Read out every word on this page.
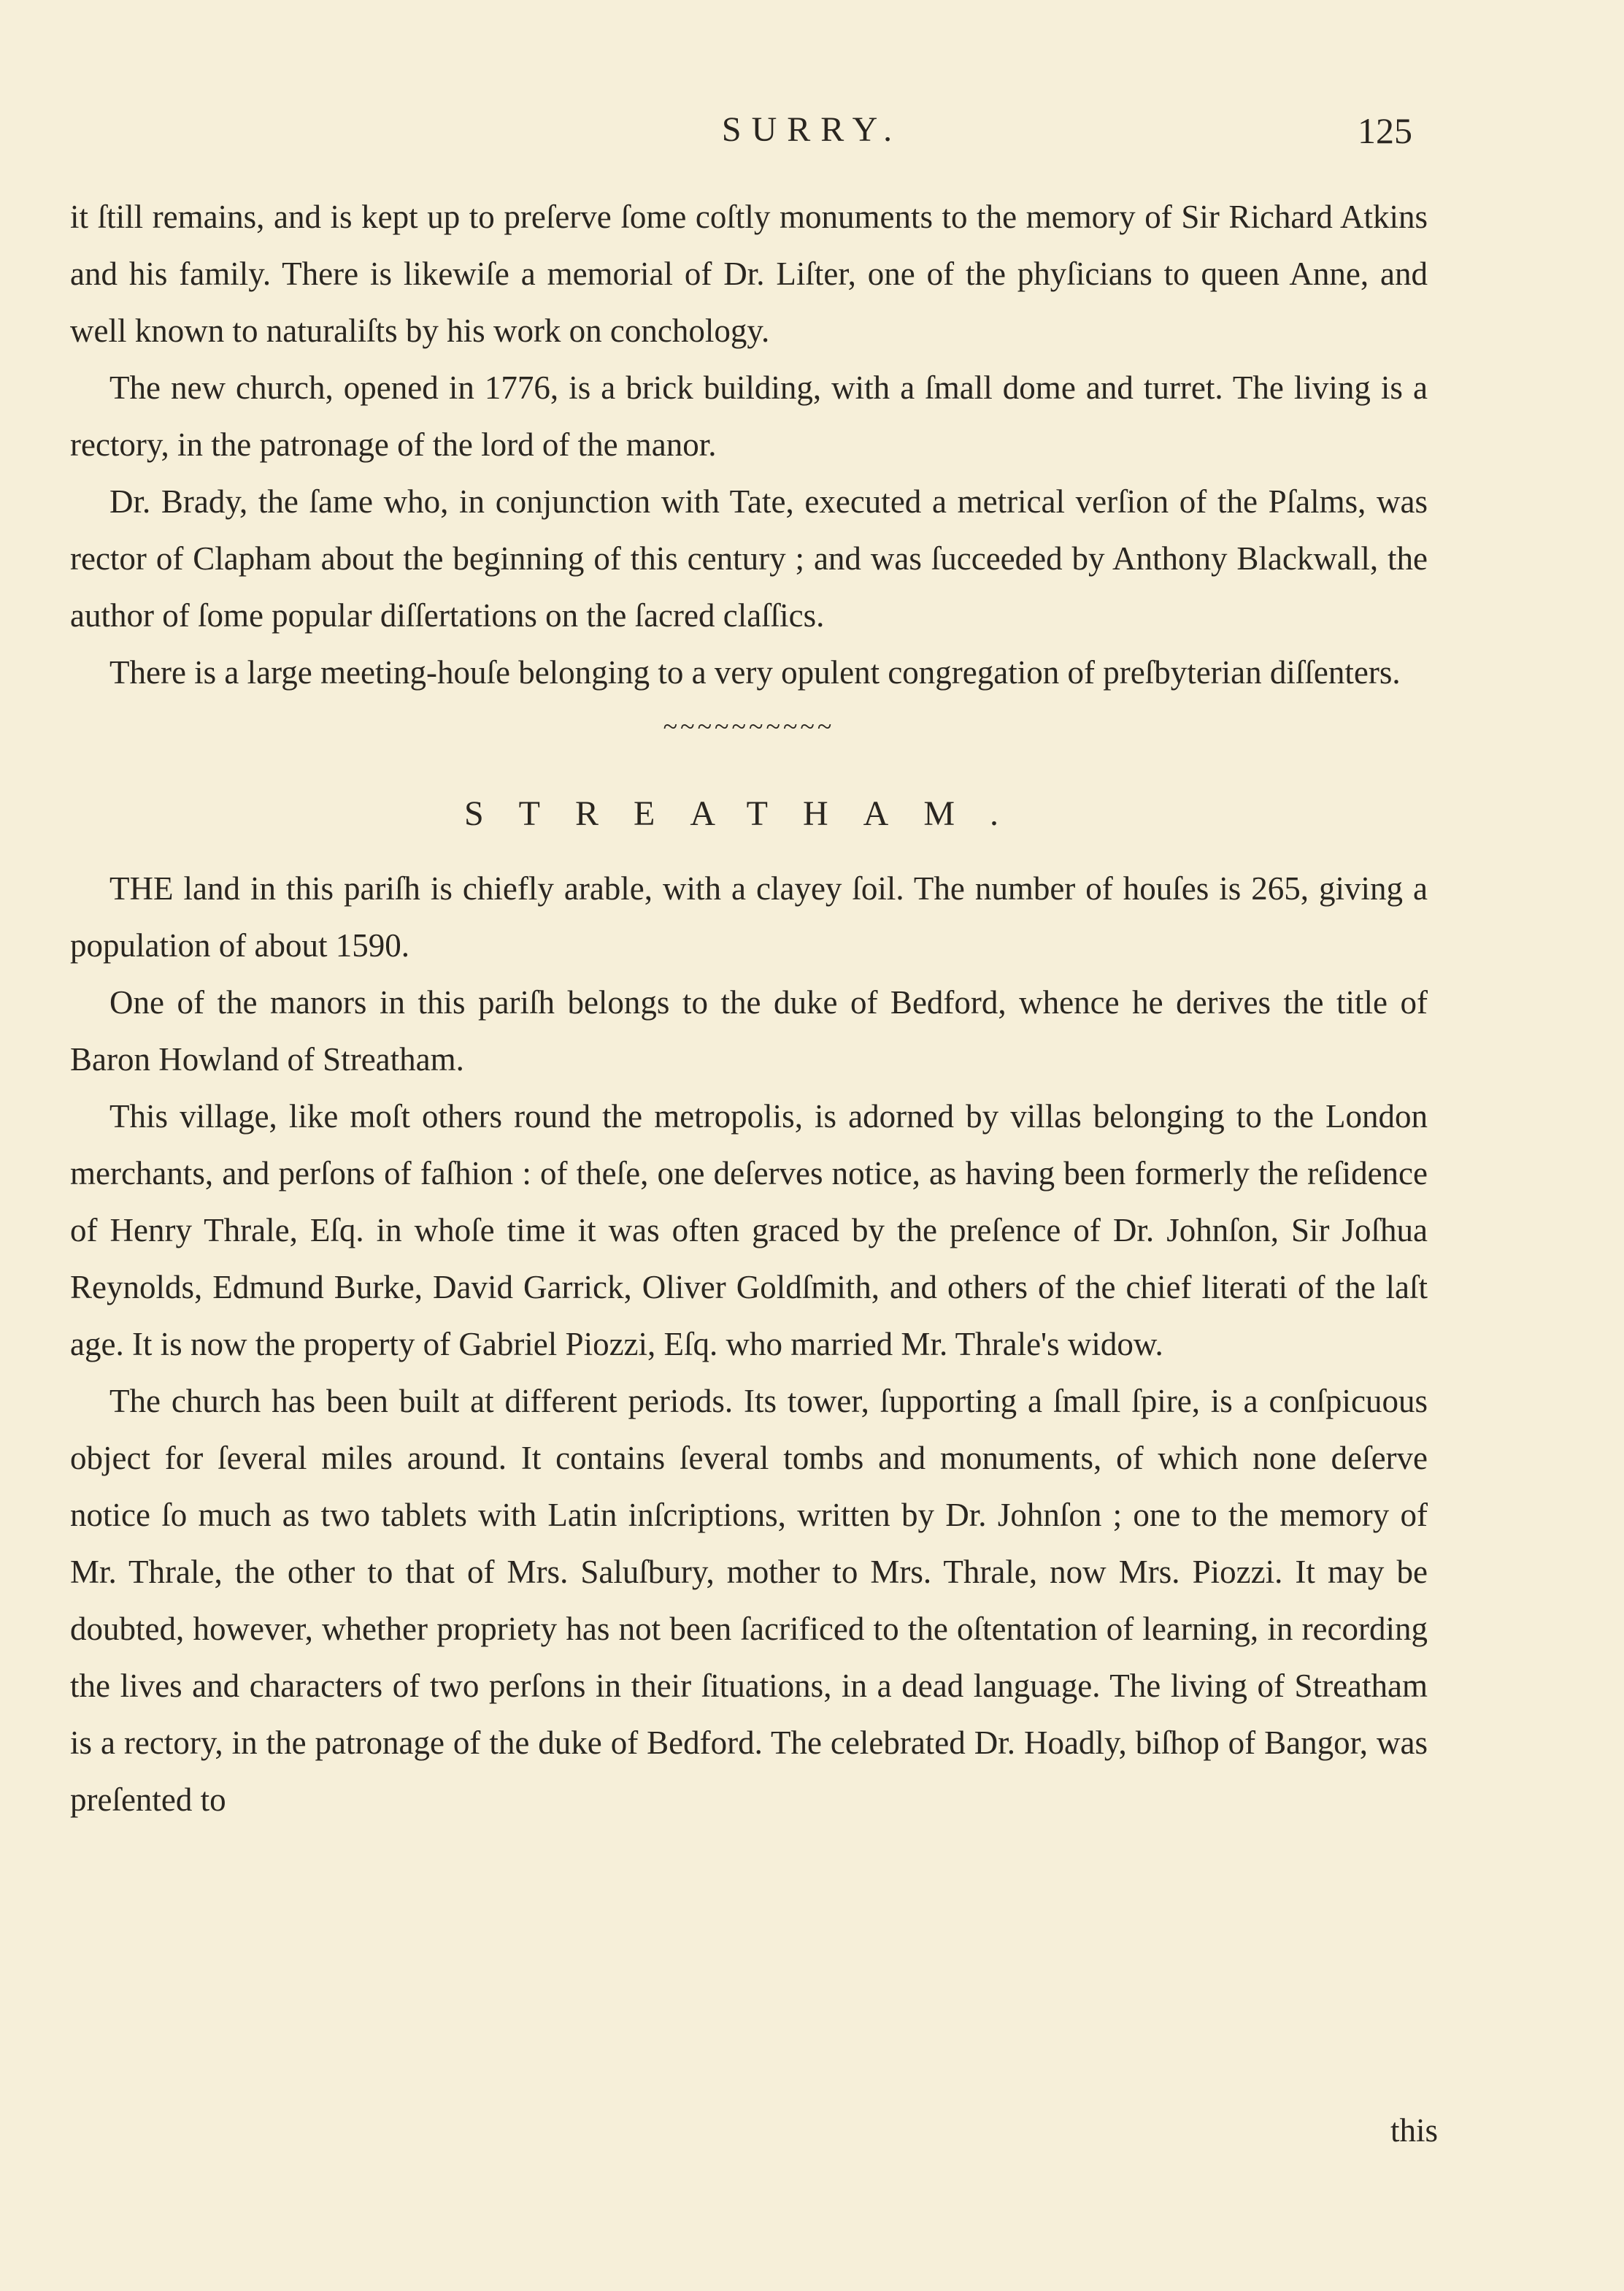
SURRY.	125

it ſtill remains, and is kept up to preſerve ſome coſtly monuments to the memory of Sir Richard Atkins and his family. There is likewiſe a memorial of Dr. Liſter, one of the phyſicians to queen Anne, and well known to naturaliſts by his work on conchology.

The new church, opened in 1776, is a brick building, with a ſmall dome and turret. The living is a rectory, in the patronage of the lord of the manor.

Dr. Brady, the ſame who, in conjunction with Tate, executed a metrical verſion of the Pſalms, was rector of Clapham about the beginning of this century ; and was ſucceeded by Anthony Blackwall, the author of ſome popular diſſertations on the ſacred claſſics.

There is a large meeting-houſe belonging to a very opulent congregation of preſbyterian diſſenters.

~~~~~~~~~~
STREATHAM.

THE land in this pariſh is chiefly arable, with a clayey ſoil. The number of houſes is 265, giving a population of about 1590.

One of the manors in this pariſh belongs to the duke of Bedford, whence he derives the title of Baron Howland of Streatham.

This village, like moſt others round the metropolis, is adorned by villas belonging to the London merchants, and perſons of faſhion : of theſe, one deſerves notice, as having been formerly the reſidence of Henry Thrale, Eſq. in whoſe time it was often graced by the preſence of Dr. Johnſon, Sir Joſhua Reynolds, Edmund Burke, David Garrick, Oliver Goldſmith, and others of the chief literati of the laſt age. It is now the property of Gabriel Piozzi, Eſq. who married Mr. Thrale's widow.

The church has been built at different periods. Its tower, ſupporting a ſmall ſpire, is a conſpicuous object for ſeveral miles around. It contains ſeveral tombs and monuments, of which none deſerve notice ſo much as two tablets with Latin inſcriptions, written by Dr. Johnſon ; one to the memory of Mr. Thrale, the other to that of Mrs. Saluſbury, mother to Mrs. Thrale, now Mrs. Piozzi. It may be doubted, however, whether propriety has not been ſacrificed to the oſtentation of learning, in recording the lives and characters of two perſons in their ſituations, in a dead language. The living of Streatham is a rectory, in the patronage of the duke of Bedford. The celebrated Dr. Hoadly, biſhop of Bangor, was preſented to

this
